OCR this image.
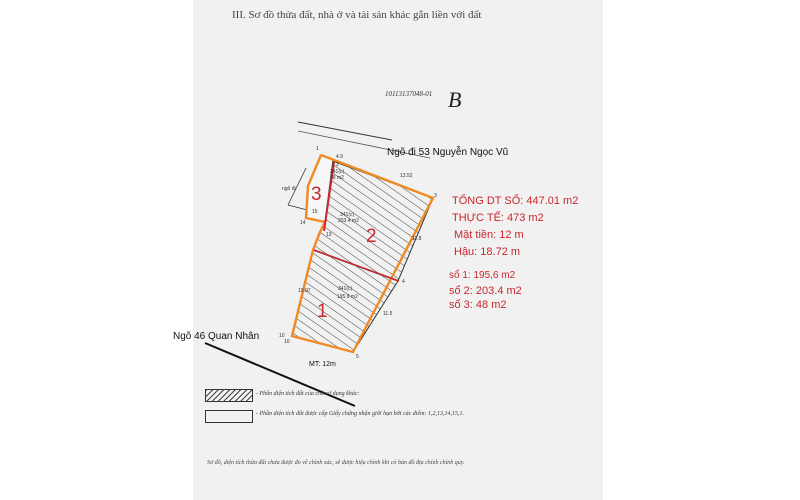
III. Sơ đồ thửa đất, nhà ở và tài sản khác gắn liền với đất
10113137048-01 B
4.9
13.52
11.8
11.5
10.97
10
ngõ đi
1
2
3
4
5
13
14
15
10
341(c)
203.4 m2
341(c)
195.6 m2
341(c)
48 m2
Ngõ đi 53 Nguyễn Ngọc Vũ
Ngõ 46 Quan Nhân
MT: 12m
3
2
1
TỔNG DT SỔ: 447.01 m2
THỰC TẾ: 473 m2
Mặt tiền: 12 m
Hậu: 18.72 m
sổ 1: 195,6 m2
sổ 2: 203.4 m2
sổ 3: 48 m2
- Phần diện tích đất của chủ sử dụng khác:
- Phần diện tích đất được cấp Giấy chứng nhận giới hạn bởi các điểm: 1,2,13,14,15,1.
Sơ đồ, diện tích thửa đất chưa được đo vẽ chính xác, sẽ được hiệu chỉnh khi có bản đồ địa chính chính quy.
